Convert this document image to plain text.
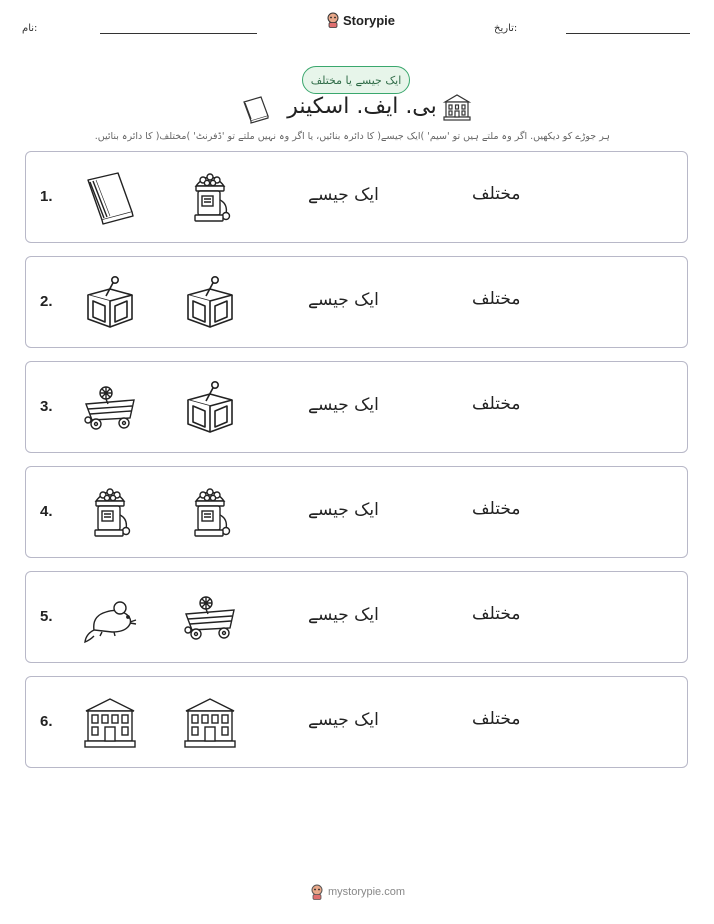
نام:
Storypie
تاریخ:
ایک جیسے یا مختلف
بی. ایف. اسکینر
ہر جوڑے کو دیکھیں. اگر وہ ملتے ہیں تو 'سیم' )ایک جیسے( کا دائرہ بنائیں، یا اگر وہ نہیں ملتے تو 'ڈفرنٹ' )مختلف( کا دائرہ بنائیں.
1.	ایک جیسے	مختلف
2.	ایک جیسے	مختلف
3.	ایک جیسے	مختلف
4.	ایک جیسے	مختلف
5.	ایک جیسے	مختلف
6.	ایک جیسے	مختلف
mystorypie.com
